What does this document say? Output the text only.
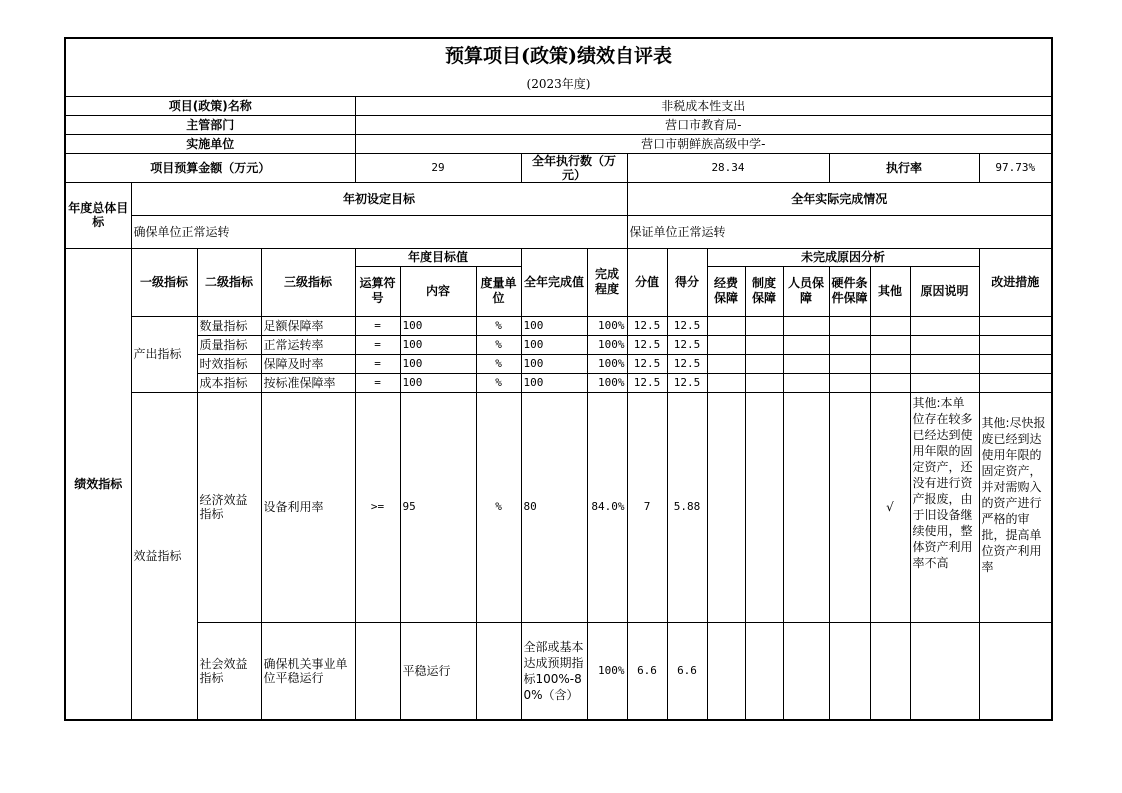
预算项目(政策)绩效自评表																	
(2023年度)																	
项目(政策)名称				非税成本性支出													
主管部门				营口市教育局-													
实施单位				营口市朝鲜族高级中学-													
项目预算金额（万元）				29			全年执行数（万元）		28.34					执行率			97.73%
年度总体目标	年初设定目标								全年实际完成情况								
	确保单位正常运转								保证单位正常运转								
绩效指标	一级指标	二级指标	三级指标	年度目标值			全年完成值	完成程度	分值	得分	未完成原因分析						改进措施
				运算符号	内容	度量单位					经费保障	制度保障	人员保障	硬件条件保障	其他	原因说明	
	产出指标	数量指标	足额保障率	=	100	%	100	100%	12.5	12.5							
		质量指标	正常运转率	=	100	%	100	100%	12.5	12.5							
		时效指标	保障及时率	=	100	%	100	100%	12.5	12.5							
		成本指标	按标准保障率	=	100	%	100	100%	12.5	12.5							
	效益指标	经济效益指标	设备利用率	>=	95	%	80	84.0%	7	5.88					√	其他:本单位存在较多已经达到使用年限的固定资产，还没有进行资产报废，由于旧设备继续使用，整体资产利用率不高	其他:尽快报废已经到达使用年限的固定资产，并对需购入的资产进行严格的审批，提高单位资产利用率
		社会效益指标	确保机关事业单位平稳运行		平稳运行		全部或基本达成预期指标100%-80%（含）	100%	6.6	6.6							
